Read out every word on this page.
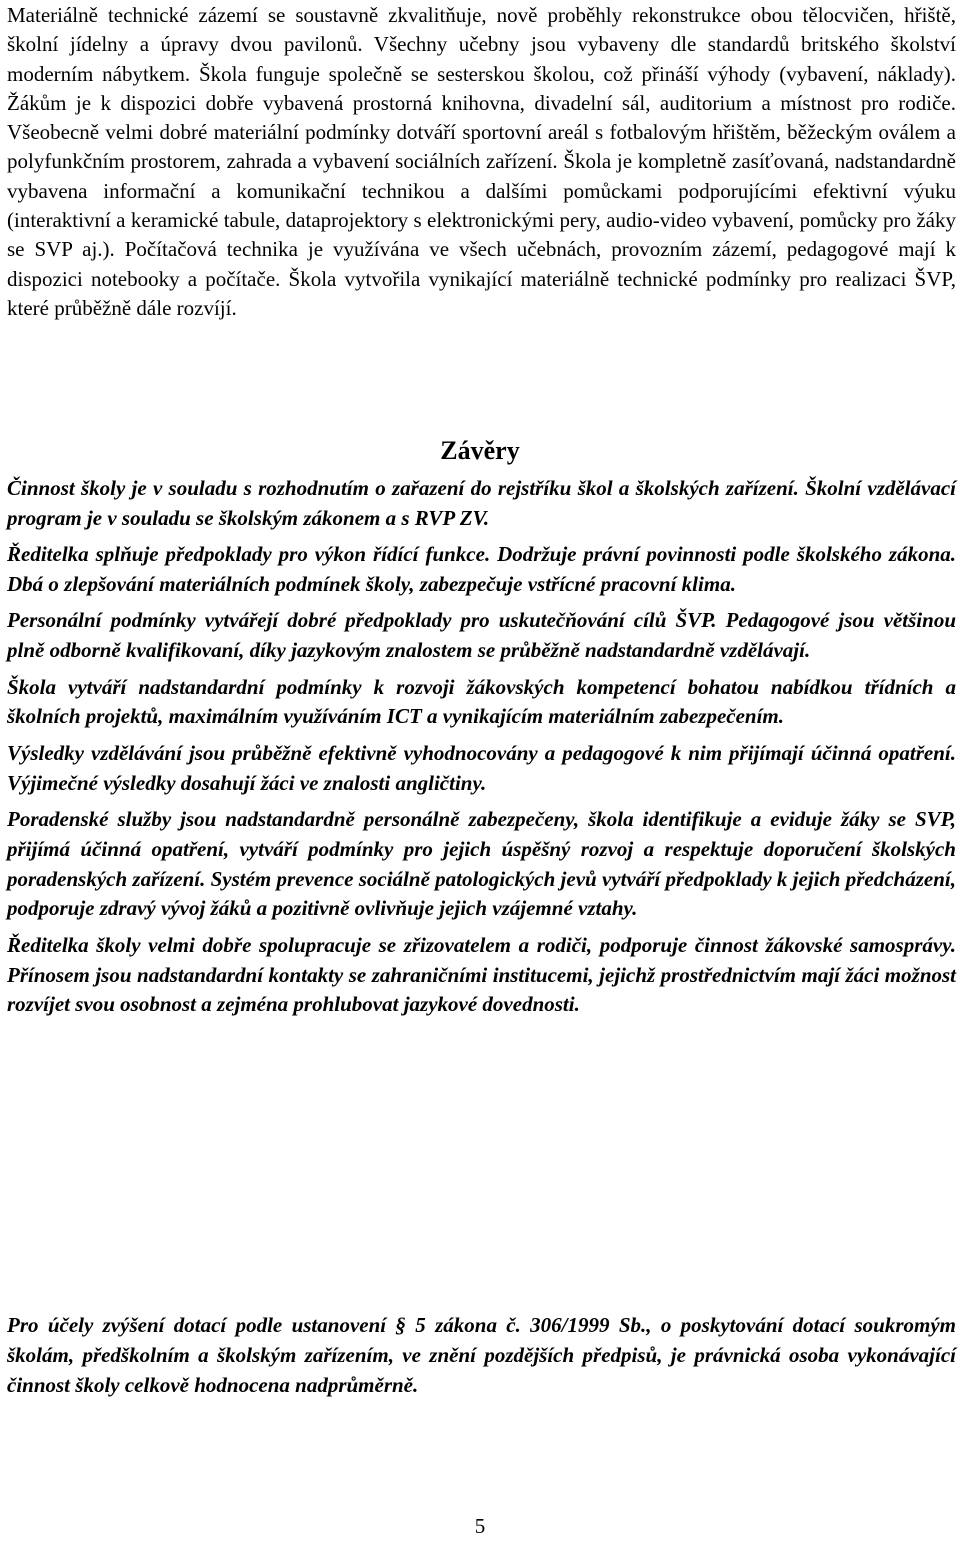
Materiálně technické zázemí se soustavně zkvalitňuje, nově proběhly rekonstrukce obou tělocvičen, hřiště, školní jídelny a úpravy dvou pavilonů. Všechny učebny jsou vybaveny dle standardů britského školství moderním nábytkem. Škola funguje společně se sesterskou školou, což přináší výhody (vybavení, náklady). Žákům je k dispozici dobře vybavená prostorná knihovna, divadelní sál, auditorium a místnost pro rodiče. Všeobecně velmi dobré materiální podmínky dotváří sportovní areál s fotbalovým hřištěm, běžeckým oválem a polyfunkčním prostorem, zahrada a vybavení sociálních zařízení. Škola je kompletně zasíťovaná, nadstandardně vybavena informační a komunikační technikou a dalšími pomůckami podporujícími efektivní výuku (interaktivní a keramické tabule, dataprojektory s elektronickými pery, audio-video vybavení, pomůcky pro žáky se SVP aj.). Počítačová technika je využívána ve všech učebnách, provozním zázemí, pedagogové mají k dispozici notebooky a počítače. Škola vytvořila vynikající materiálně technické podmínky pro realizaci ŠVP, které průběžně dále rozvíjí.

Závěry

Činnost školy je v souladu s rozhodnutím o zařazení do rejstříku škol a školských zařízení. Školní vzdělávací program je v souladu se školským zákonem a s RVP ZV.

Ředitelka splňuje předpoklady pro výkon řídící funkce. Dodržuje právní povinnosti podle školského zákona. Dbá o zlepšování materiálních podmínek školy, zabezpečuje vstřícné pracovní klima.

Personální podmínky vytvářejí dobré předpoklady pro uskutečňování cílů ŠVP. Pedagogové jsou většinou plně odborně kvalifikovaní, díky jazykovým znalostem se průběžně nadstandardně vzdělávají.

Škola vytváří nadstandardní podmínky k rozvoji žákovských kompetencí bohatou nabídkou třídních a školních projektů, maximálním využíváním ICT a vynikajícím materiálním zabezpečením.

Výsledky vzdělávání jsou průběžně efektivně vyhodnocovány a pedagogové k nim přijímají účinná opatření. Výjimečné výsledky dosahují žáci ve znalosti angličtiny.

Poradenské služby jsou nadstandardně personálně zabezpečeny, škola identifikuje a eviduje žáky se SVP, přijímá účinná opatření, vytváří podmínky pro jejich úspěšný rozvoj a respektuje doporučení školských poradenských zařízení. Systém prevence sociálně patologických jevů vytváří předpoklady k jejich předcházení, podporuje zdravý vývoj žáků a pozitivně ovlivňuje jejich vzájemné vztahy.

Ředitelka školy velmi dobře spolupracuje se zřizovatelem a rodiči, podporuje činnost žákovské samosprávy. Přínosem jsou nadstandardní kontakty se zahraničními institucemi, jejichž prostřednictvím mají žáci možnost rozvíjet svou osobnost a zejména prohlubovat jazykové dovednosti.

Pro účely zvýšení dotací podle ustanovení § 5 zákona č. 306/1999 Sb., o poskytování dotací soukromým školám, předškolním a školským zařízením, ve znění pozdějších předpisů, je právnická osoba vykonávající činnost školy celkově hodnocena nadprůměrně.

5
